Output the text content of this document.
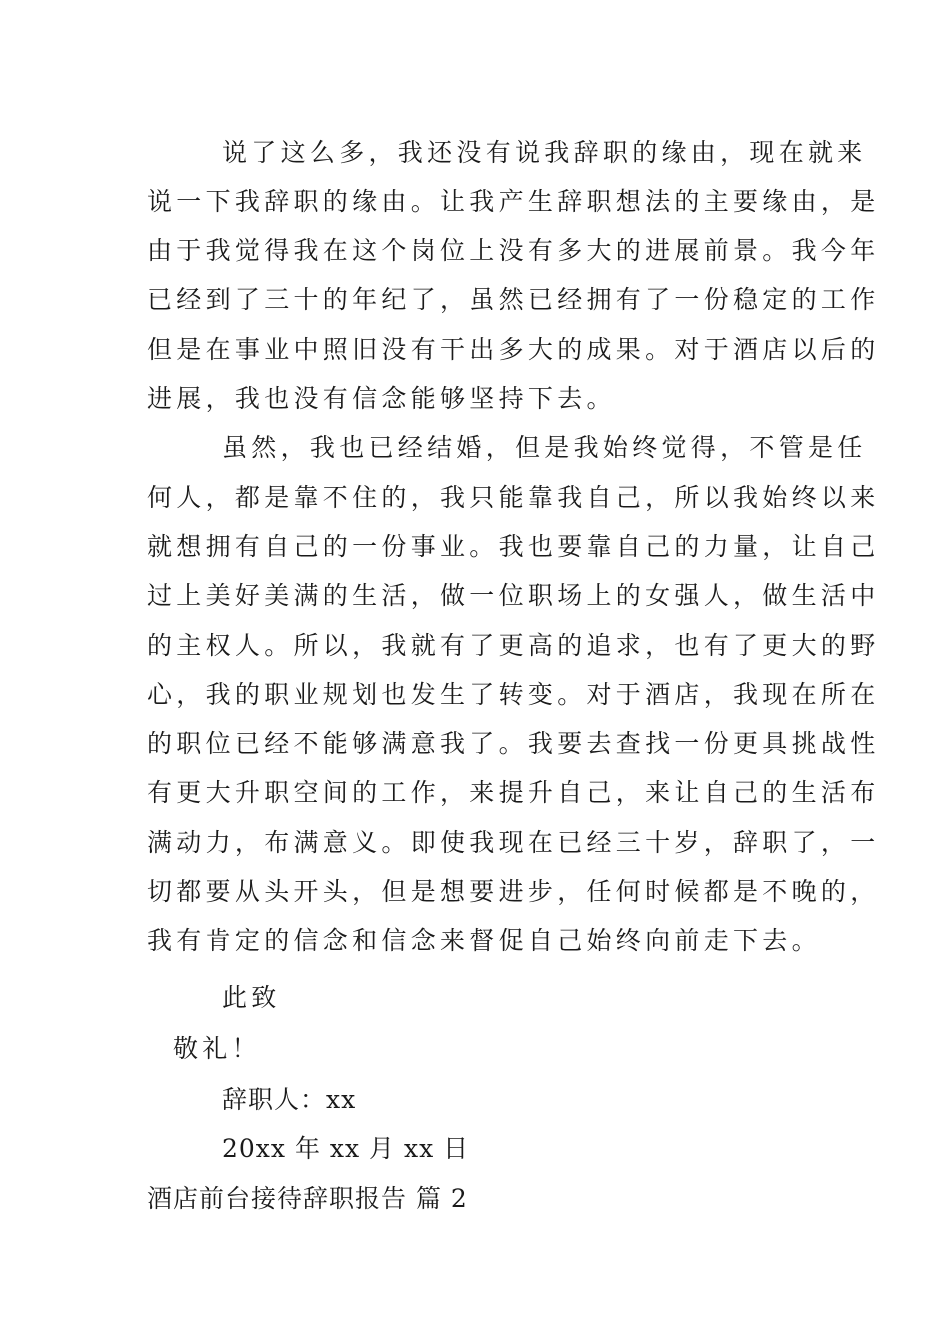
说了这么多，我还没有说我辞职的缘由，现在就来
说一下我辞职的缘由。让我产生辞职想法的主要缘由，是
由于我觉得我在这个岗位上没有多大的进展前景。我今年
已经到了三十的年纪了，虽然已经拥有了一份稳定的工作
但是在事业中照旧没有干出多大的成果。对于酒店以后的
进展，我也没有信念能够坚持下去。
虽然，我也已经结婚，但是我始终觉得，不管是任
何人，都是靠不住的，我只能靠我自己，所以我始终以来
就想拥有自己的一份事业。我也要靠自己的力量，让自己
过上美好美满的生活，做一位职场上的女强人，做生活中
的主权人。所以，我就有了更高的追求，也有了更大的野
心，我的职业规划也发生了转变。对于酒店，我现在所在
的职位已经不能够满意我了。我要去查找一份更具挑战性
有更大升职空间的工作，来提升自己，来让自己的生活布
满动力，布满意义。即使我现在已经三十岁，辞职了，一
切都要从头开头，但是想要进步，任何时候都是不晚的，
我有肯定的信念和信念来督促自己始终向前走下去。
此致
敬礼！
辞职人：xx
20xx 年 xx 月 xx 日
酒店前台接待辞职报告 篇 2
